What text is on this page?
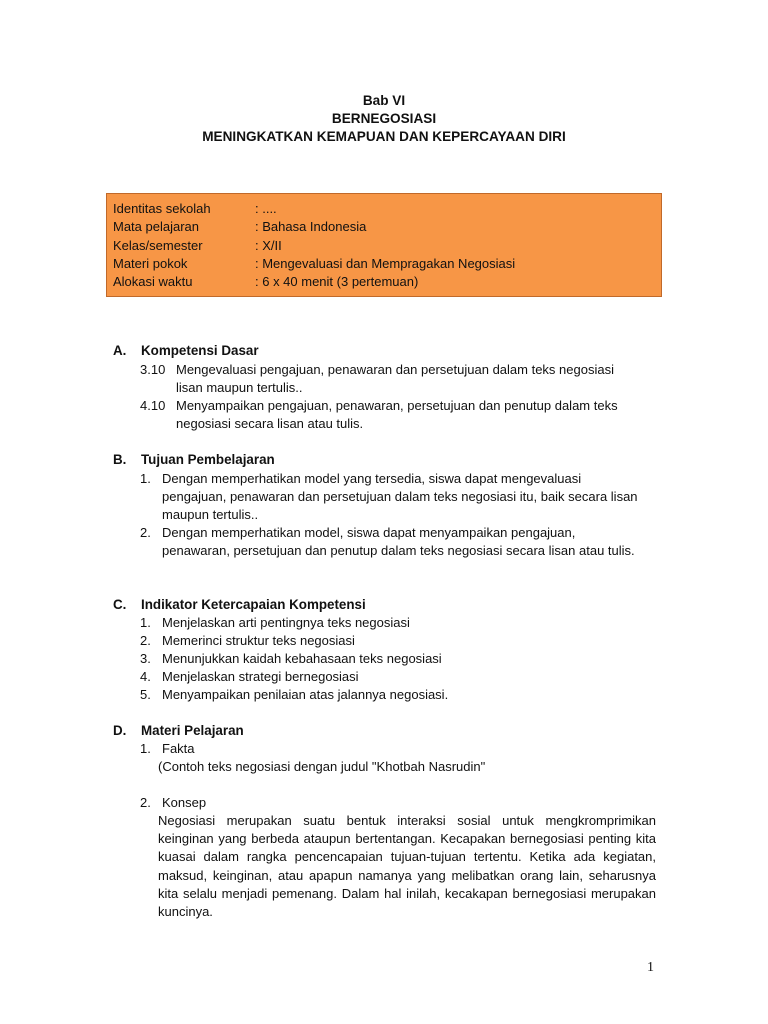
Bab VI
BERNEGOSIASI
MENINGKATKAN KEMAPUAN DAN KEPERCAYAAN DIRI
Identitas sekolah	: ....
Mata pelajaran	: Bahasa Indonesia
Kelas/semester	: X/II
Materi pokok	: Mengevaluasi dan Mempragakan Negosiasi
Alokasi waktu	: 6 x 40 menit (3 pertemuan)
A.	Kompetensi Dasar
3.10 Mengevaluasi pengajuan, penawaran dan persetujuan dalam teks negosiasi
lisan maupun tertulis..
4.10 Menyampaikan pengajuan, penawaran, persetujuan dan penutup dalam teks
negosiasi secara lisan atau tulis.
B.	Tujuan Pembelajaran
1. Dengan memperhatikan model yang tersedia, siswa dapat mengevaluasi
pengajuan, penawaran dan persetujuan dalam teks negosiasi itu, baik secara lisan
maupun tertulis..
2. Dengan memperhatikan model, siswa dapat menyampaikan pengajuan,
penawaran, persetujuan dan penutup dalam teks negosiasi secara lisan atau tulis.
C.	Indikator Ketercapaian Kompetensi
1. Menjelaskan arti pentingnya teks negosiasi
2. Memerinci struktur teks negosiasi
3. Menunjukkan kaidah kebahasaan teks negosiasi
4. Menjelaskan strategi bernegosiasi
5. Menyampaikan penilaian atas jalannya negosiasi.
D.	Materi Pelajaran
1. Fakta
(Contoh teks negosiasi dengan judul "Khotbah Nasrudin"
2. Konsep
Negosiasi merupakan suatu bentuk interaksi sosial untuk mengkromprimikan keinginan yang berbeda ataupun bertentangan. Kecapakan bernegosiasi penting kita kuasai dalam rangka pencencapaian tujuan-tujuan tertentu. Ketika ada kegiatan, maksud, keinginan, atau apapun namanya yang melibatkan orang lain, seharusnya kita selalu menjadi pemenang. Dalam hal inilah, kecakapan bernegosiasi merupakan kuncinya.
1
